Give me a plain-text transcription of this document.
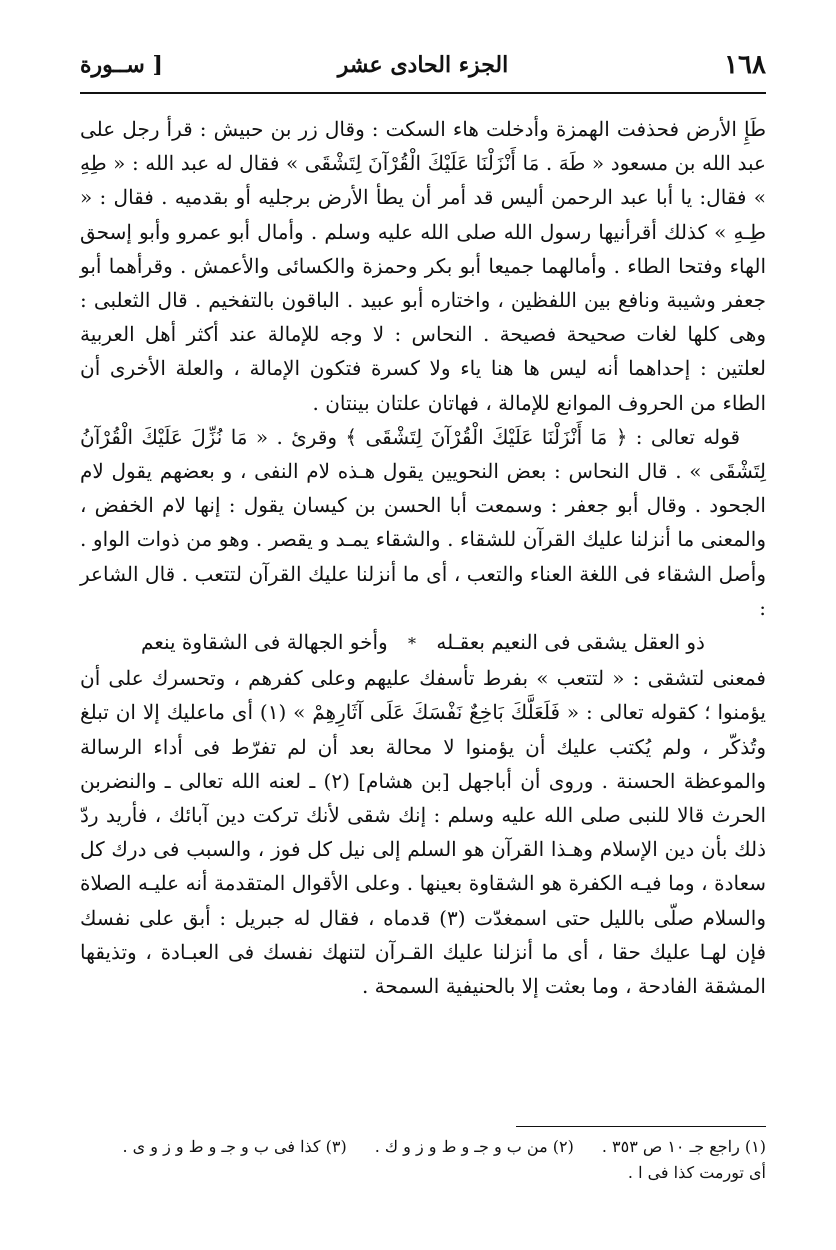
١٦٨
الجزء الحادى عشر
[ ســورة

طَإِ الأرض فحذفت الهمزة وأدخلت هاء السكت : وقال زر بن حبيش : قرأ رجل على عبد الله بن مسعود « طَهَ . مَا أَنْزَلْنَا عَلَيْكَ الْقُرْآنَ لِتَشْقَى » فقال له عبد الله : « طِهِ » فقال: يا أبا عبد الرحمن أليس قد أمر أن يطأ الأرض برجليه أو بقدميه . فقال : « طِـهِ » كذلك أقرأنيها رسول الله صلى الله عليه وسلم . وأمال أبو عمرو وأبو إسحق الهاء وفتحا الطاء . وأمالهما جميعا أبو بكر وحمزة والكسائى والأعمش . وقرأهما أبو جعفر وشيبة ونافع بين اللفظين ، واختاره أبو عبيد . الباقون بالتفخيم . قال الثعلبى : وهى كلها لغات صحيحة فصيحة . النحاس : لا وجه للإمالة عند أكثر أهل العربية لعلتين : إحداهما أنه ليس ها هنا ياء ولا كسرة فتكون الإمالة ، والعلة الأخرى أن الطاء من الحروف الموانع للإمالة ، فهاتان علتان بينتان .

قوله تعالى : ﴿ مَا أَنْزَلْنَا عَلَيْكَ الْقُرْآنَ لِتَشْقَى ﴾ وقرئ . « مَا نُزِّلَ عَلَيْكَ الْقُرْآنُ لِتَشْقَى » . قال النحاس : بعض النحويين يقول هـذه لام النفى ، و بعضهم يقول لام الجحود . وقال أبو جعفر : وسمعت أبا الحسن بن كيسان يقول : إنها لام الخفض ، والمعنى ما أنزلنا عليك القرآن للشقاء . والشقاء يمـد و يقصر . وهو من ذوات الواو . وأصل الشقاء فى اللغة العناء والتعب ، أى ما أنزلنا عليك القرآن لتتعب . قال الشاعر :

ذو العقل يشقى فى النعيم بعقـله * وأخو الجهالة فى الشقاوة ينعم

فمعنى لتشقى : « لتتعب » بفرط تأسفك عليهم وعلى كفرهم ، وتحسرك على أن يؤمنوا ؛ كقوله تعالى : « فَلَعَلَّكَ بَاخِعٌ نَفْسَكَ عَلَى آثَارِهِمْ » (١) أى ماعليك إلا ان تبلغ وتُذكّر ، ولم يُكتب عليك أن يؤمنوا لا محالة بعد أن لم تفرّط فى أداء الرسالة والموعظة الحسنة . وروى أن أباجهل [بن هشام] (٢) ـ لعنه الله تعالى ـ والنضربن الحرث قالا للنبى صلى الله عليه وسلم : إنك شقى لأنك تركت دين آبائك ، فأريد ردّ ذلك بأن دين الإسلام وهـذا القرآن هو السلم إلى نيل كل فوز ، والسبب فى درك كل سعادة ، وما فيـه الكفرة هو الشقاوة بعينها . وعلى الأقوال المتقدمة أنه عليـه الصلاة والسلام صلّى بالليل حتى اسمغدّت (٣) قدماه ، فقال له جبريل : أبق على نفسك فإن لهـا عليك حقا ، أى ما أنزلنا عليك القـرآن لتنهك نفسك فى العبـادة ، وتذيقها المشقة الفادحة ، وما بعثت إلا بالحنيفية السمحة .

(١) راجع جـ ١٠ ص ٣٥٣ .
(٢) من ب و جـ و ط و ز و ك .
(٣) كذا فى ب و جـ و ط و ز و ى .
أى تورمت كذا فى ا .
